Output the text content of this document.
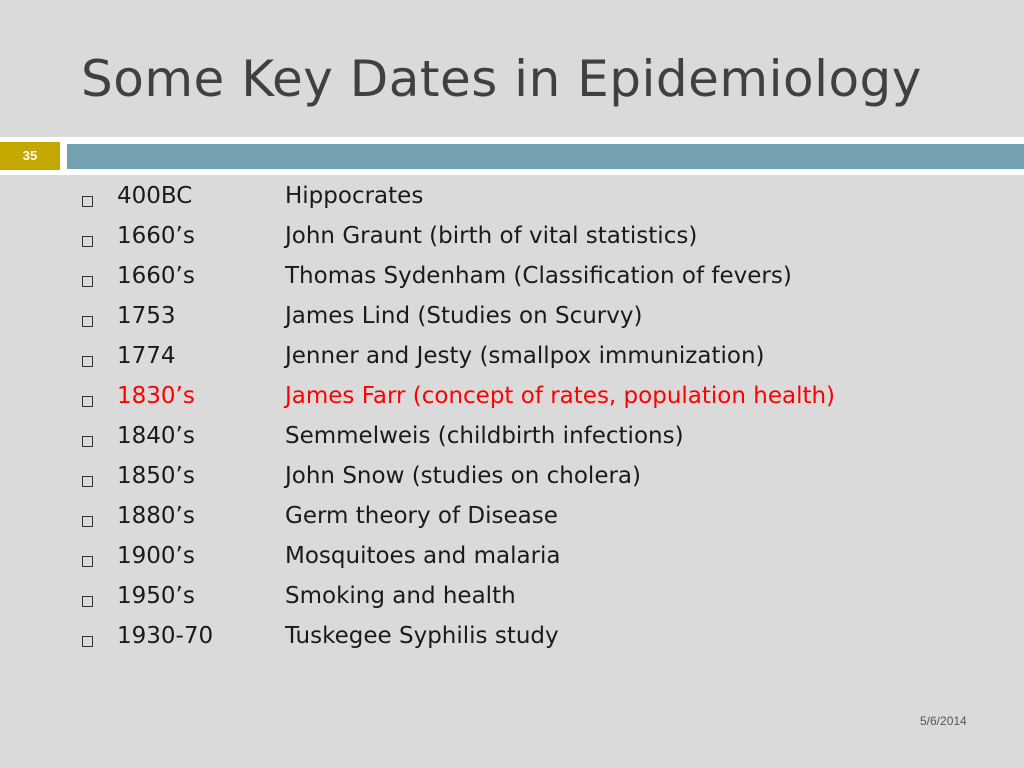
Some Key Dates in Epidemiology
35
400BC	Hippocrates
1660’s	John Graunt (birth of vital statistics)
1660’s	Thomas Sydenham (Classification of fevers)
1753	James Lind (Studies on Scurvy)
1774	Jenner and Jesty (smallpox immunization)
1830’s	James Farr (concept of rates, population health)
1840’s	Semmelweis (childbirth infections)
1850’s	John Snow (studies on cholera)
1880’s	Germ theory of Disease
1900’s	Mosquitoes and malaria
1950’s	Smoking and health
1930-70	Tuskegee Syphilis study
5/6/2014
